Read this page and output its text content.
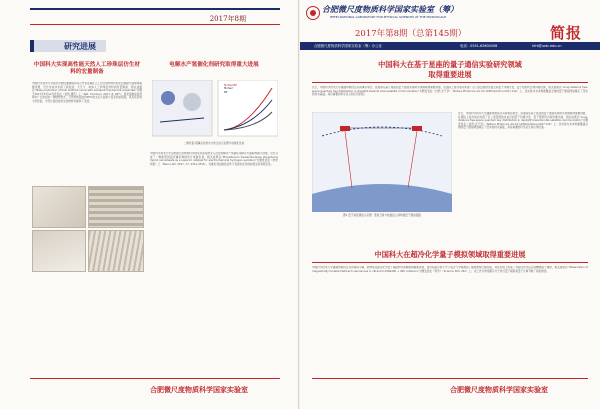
2017年8期
研究进展
中国科大实现高性能天然人工珍珠层仿生材料的宏量制备
中国科学技术大学俞书宏教授课题组和其合作者近期在人工仿生结构材料的宏量制备方面取得重要进展，设计并成功实现了高性能、大尺寸、块体人工珍珠层材料的宏量制备，相关成果以“Mass production of bulk artificial nacre with excellent mechanical properties”为题于2017年8月10日发表在《自然·通讯》上（Nat. Commun. 2017, 8, 287）。层状结构是自然界中广泛存在的一种结构形式，天然珍珠层由约95%的文石片层和少量有机质组成，具有优异的力学性能，为设计高性能仿生结构材料提供了灵感。
电解水产氢催化剂研究取得重大进展
MoSe2-BP
MoSe2
BP
二硒化钼-黑磷杂化纳米片的合成示意图与电催化性能
中国科学技术大学合肥微尺度物质科学国家实验室研究人员在电解水产氢催化剂研究方面取得重大进展，设计合成了一种新型的层状磷化物纳米片电催化剂，相关成果以“Molybdenum diselenide-black phosphorus hybrid nanosheets as a superior catalyst for electrochemical hydrogen evolution”为题发表在《纳米快报》上（Nano Lett. 2017, 17, 4311-4316）。该催化剂在酸性条件下表现出优异的析氢活性和稳定性。
合肥微尺度物质科学国家实验室
合肥微尺度物质科学国家实验室（筹）
HEFEI NATIONAL LABORATORY FOR PHYSICAL SCIENCES AT THE MICROSCALE
2017年第8期（总第145期）	简报
合肥微尺度物质科学国家实验室（筹）办公室	电话：0551-63600458	hfnl@ustc.edu.cn
中国科大在基于星座的量子通信实验研究领域
取得重要进展
近日，中国科学技术大学潘建伟教授及其同事彭承志、张强等在基于星座的量子通信实验研究领域取得重要进展，在国际上首次成功实现了百公里量级的自由空间量子纠缠分发、量子隐形传态和纠缠交换，相关成果以“Long-distance free-space quantum key distribution in daylight towards inter-satellite communication”为题发表在《自然·光子学》（Nature Photonics doi:10.1038/nphoton.2017.116）上。该实验为未来构建覆盖全球的量子通信网络奠定了坚实的技术基础，具有重要的科学意义和应用价值。
图1 量子星座通信示意图：低轨卫星与地面站之间构建量子通信链路
近日，中国科学技术大学潘建伟教授及其同事彭承志、张强等在基于星座的量子通信实验研究领域取得重要进展，在国际上首次成功实现了百公里量级的自由空间量子纠缠分发、量子隐形传态和纠缠交换，相关成果以“Long-distance free-space quantum key distribution in daylight towards inter-satellite communication”为题发表在《自然·光子学》（Nature Photonics doi:10.1038/nphoton.2017.116）上。该实验为未来构建覆盖全球的量子通信网络奠定了坚实的技术基础，具有重要的科学意义和应用价值。
中国科大在超冷化学量子模拟领域取得重要进展
中国科学技术大学潘建伟教授及其同事陈宇翱、赵博等在超冷化学量子模拟研究领域取得重要进展，首次在超冷原子分子混合气中观测到了磁控费希巴赫共振，并在实验上实现了对超冷化学反应的精确量子调控，相关成果以“Observation of magnetically tunable Feshbach resonances in ultracold 23Na40K + 40K collisions”为题发表在《科学》（Science 363, 261）上。该工作为利用超冷分子进行量子模拟和量子计算开辟了新的途径。
合肥微尺度物质科学国家实验室
